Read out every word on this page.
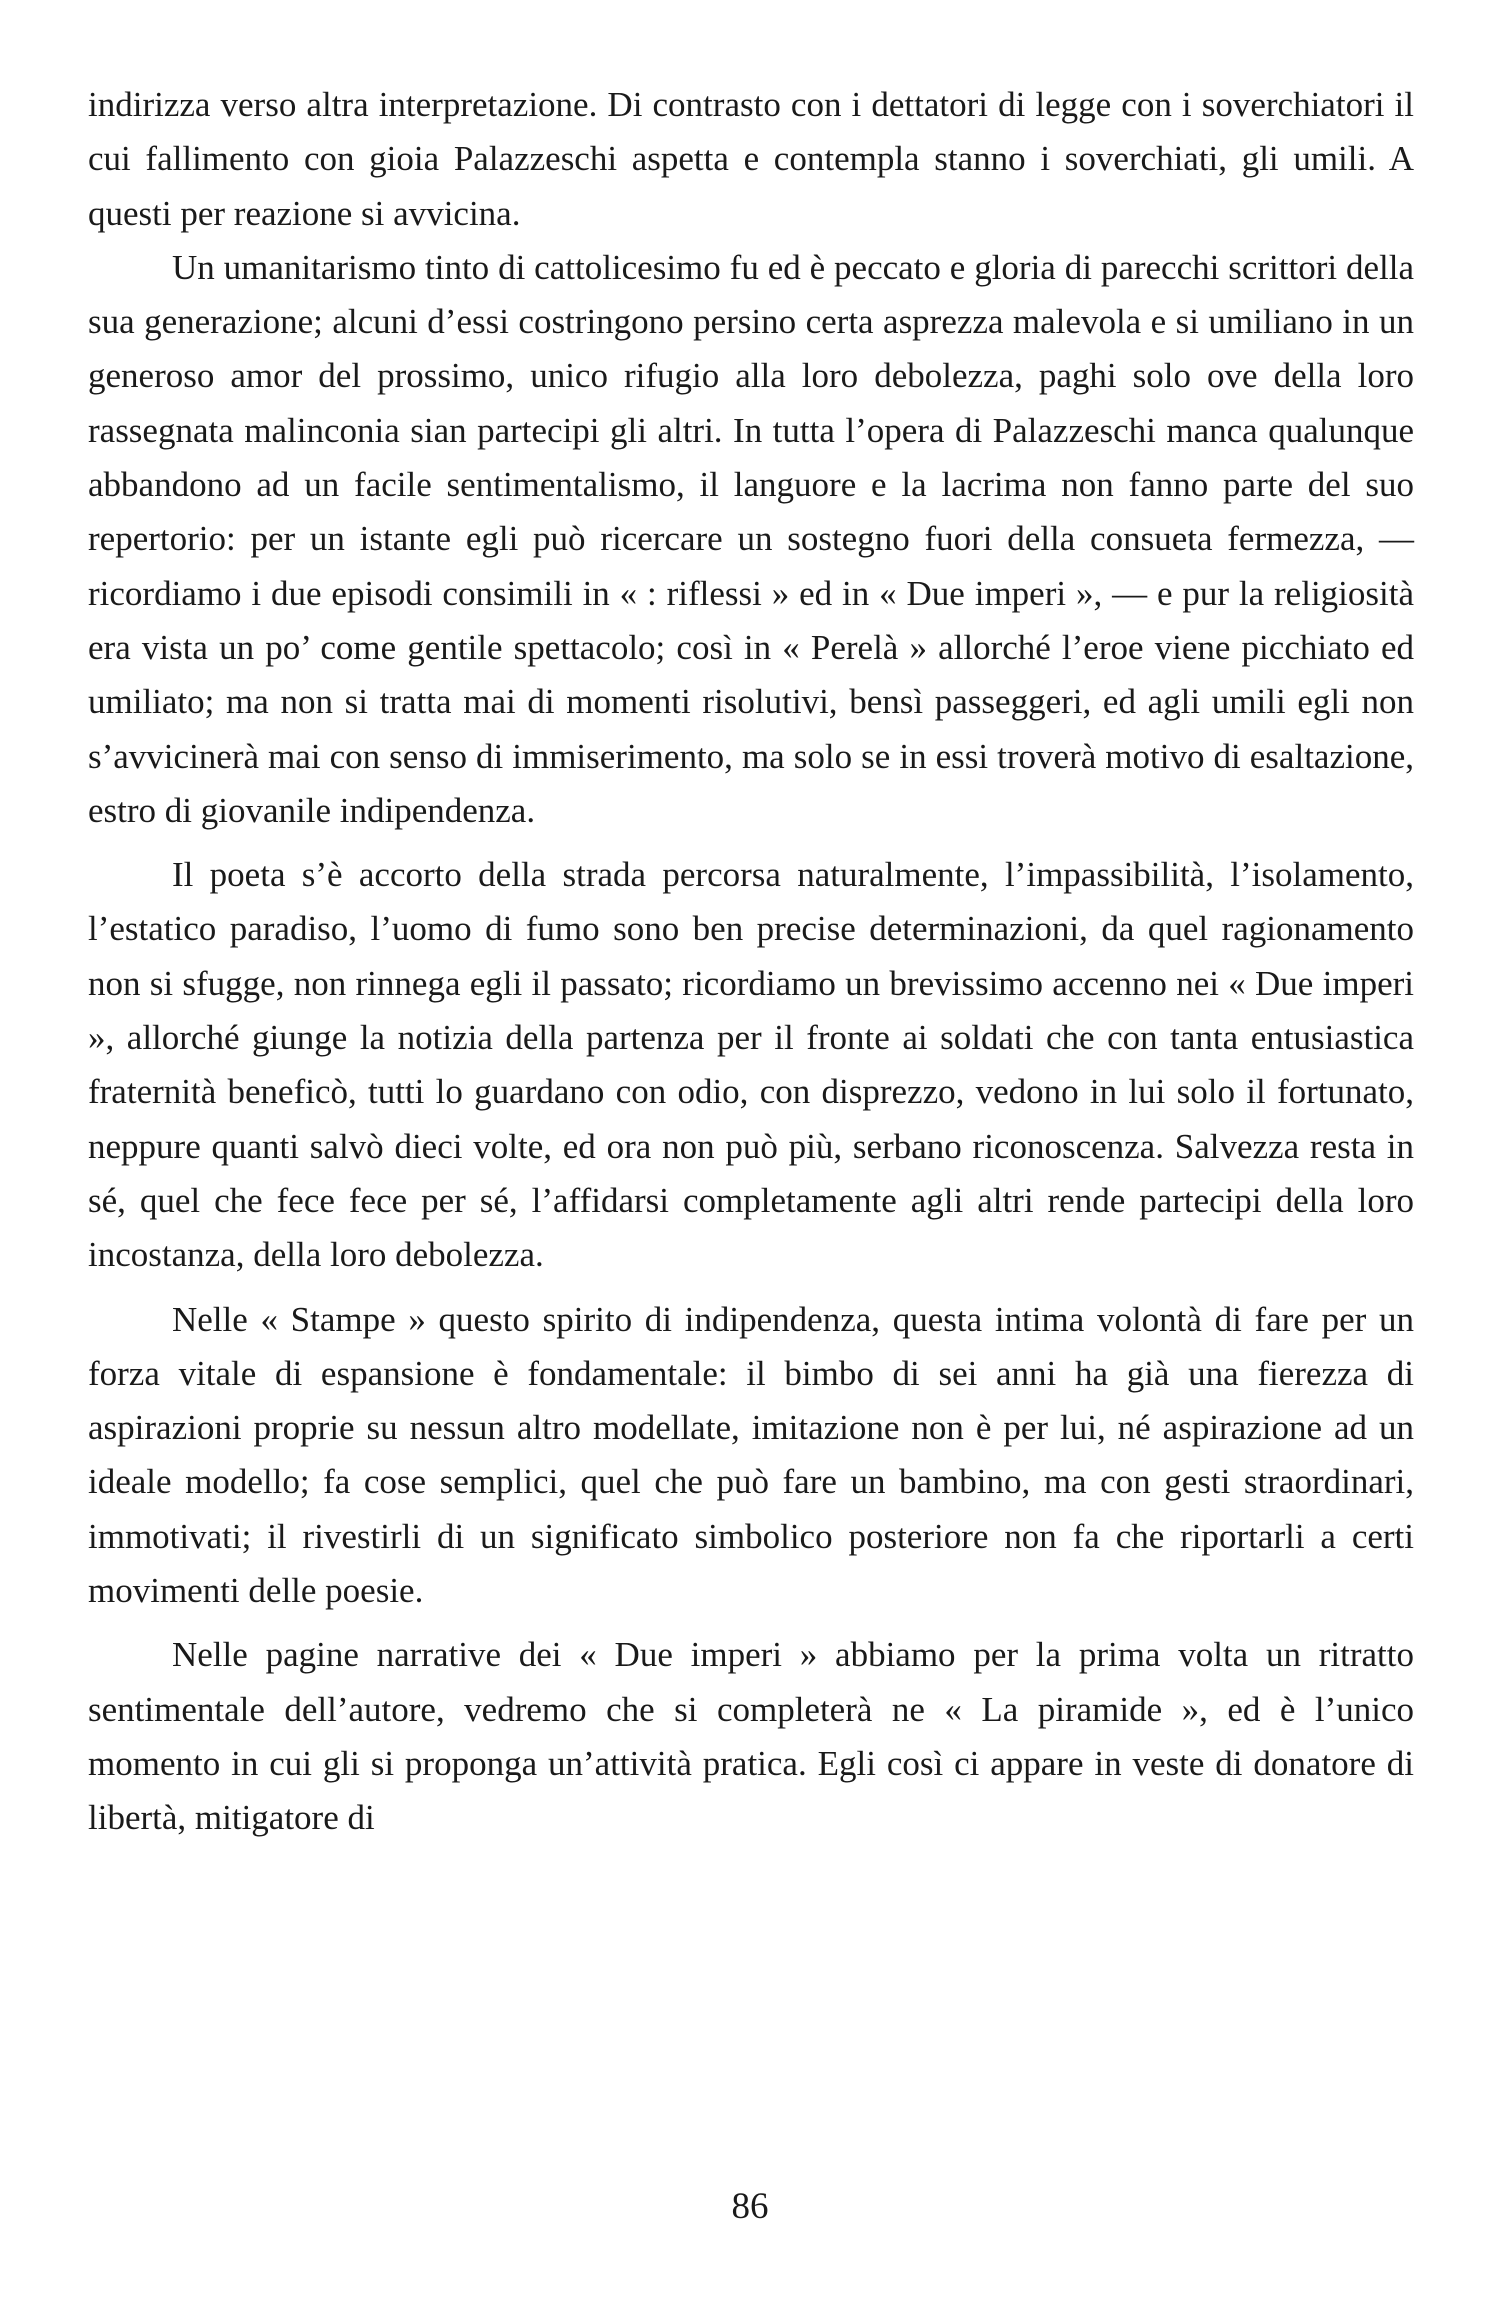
indirizza verso altra interpretazione. Di contrasto con i dettatori di legge con i soverchiatori il cui fallimento con gioia Palazzeschi aspetta e contempla stanno i soverchiati, gli umili. A questi per reazione si avvicina.

Un umanitarismo tinto di cattolicesimo fu ed è peccato e gloria di parecchi scrittori della sua generazione; alcuni d’essi costringono persino certa asprezza malevola e si umiliano in un generoso amor del prossimo, unico rifugio alla loro debolezza, paghi solo ove della loro rassegnata malinconia sian partecipi gli altri. In tutta l’opera di Palazzeschi manca qualunque abbandono ad un facile sentimentalismo, il languore e la lacrima non fanno parte del suo repertorio: per un istante egli può ricercare un sostegno fuori della consueta fermezza, — ricordiamo i due episodi consimili in « : riflessi » ed in « Due imperi », — e pur la religiosità era vista un po’ come gentile spettacolo; così in « Perelà » allorché l’eroe viene picchiato ed umiliato; ma non si tratta mai di momenti risolutivi, bensì passeggeri, ed agli umili egli non s’avvicinerà mai con senso di immiserimento, ma solo se in essi troverà motivo di esaltazione, estro di giovanile indipendenza.

Il poeta s’è accorto della strada percorsa naturalmente, l’impassibilità, l’isolamento, l’estatico paradiso, l’uomo di fumo sono ben precise determinazioni, da quel ragionamento non si sfugge, non rinnega egli il passato; ricordiamo un brevissimo accenno nei « Due imperi », allorché giunge la notizia della partenza per il fronte ai soldati che con tanta entusiastica fraternità beneficò, tutti lo guardano con odio, con disprezzo, vedono in lui solo il fortunato, neppure quanti salvò dieci volte, ed ora non può più, serbano riconoscenza. Salvezza resta in sé, quel che fece fece per sé, l’affidarsi completamente agli altri rende partecipi della loro incostanza, della loro debolezza.

Nelle « Stampe » questo spirito di indipendenza, questa intima volontà di fare per un forza vitale di espansione è fondamentale: il bimbo di sei anni ha già una fierezza di aspirazioni proprie su nessun altro modellate, imitazione non è per lui, né aspirazione ad un ideale modello; fa cose semplici, quel che può fare un bambino, ma con gesti straordinari, immotivati; il rivestirli di un significato simbolico posteriore non fa che riportarli a certi movimenti delle poesie.

Nelle pagine narrative dei « Due imperi » abbiamo per la prima volta un ritratto sentimentale dell’autore, vedremo che si completerà ne « La piramide », ed è l’unico momento in cui gli si proponga un’attività pratica. Egli così ci appare in veste di donatore di libertà, mitigatore di

86
